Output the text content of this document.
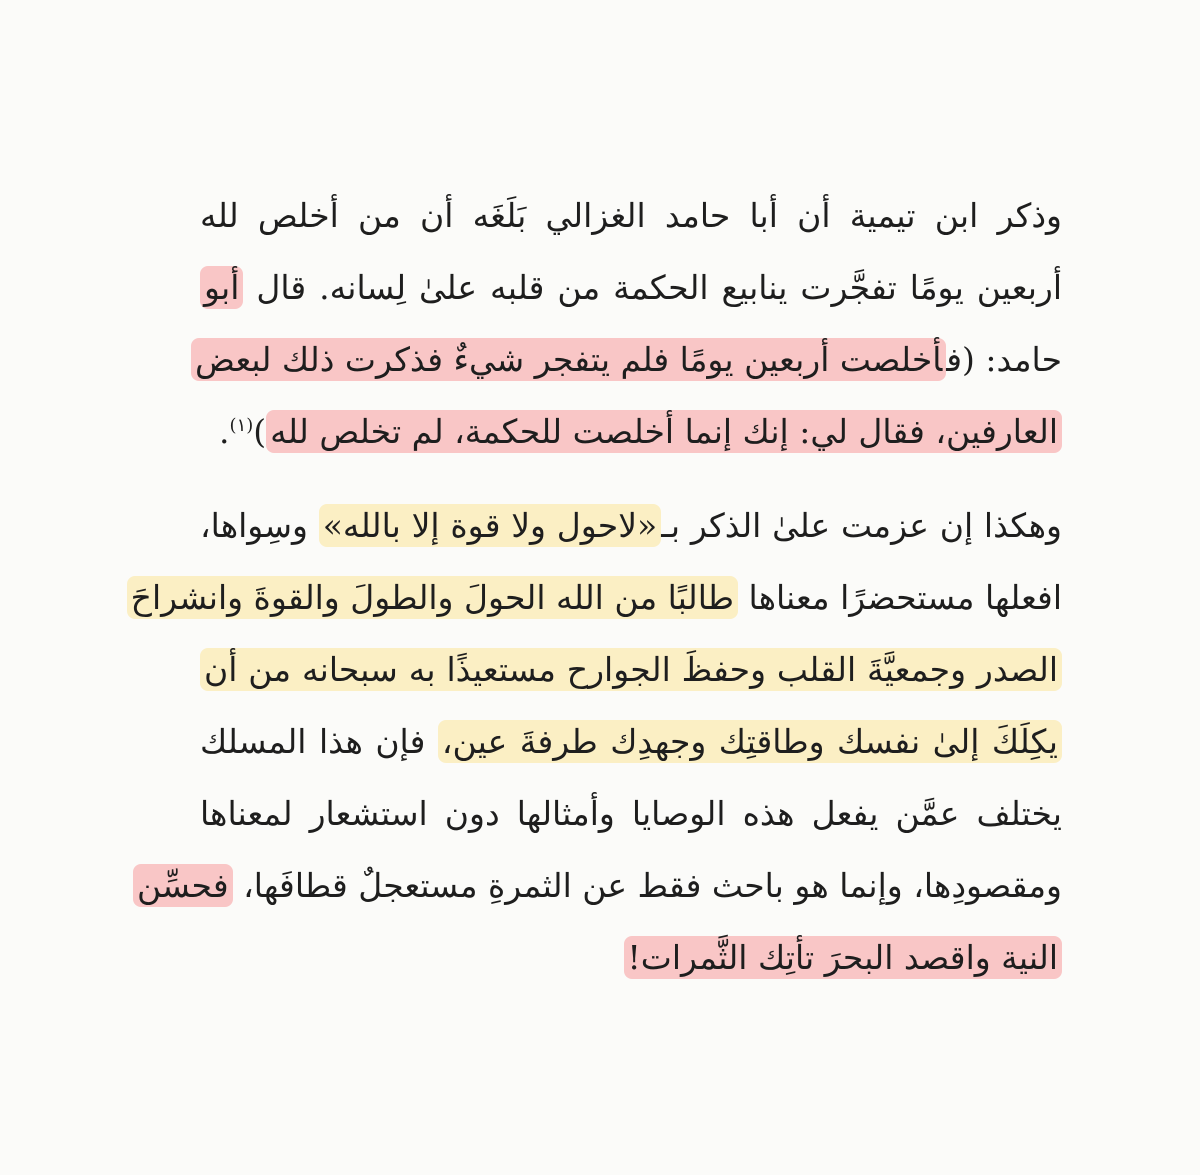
وذكر ابن تيمية أن أبا حامد الغزالي بَلَغَه أن من أخلص لله
أربعين يومًا تفجَّرت ينابيع الحكمة من قلبه علىٰ لِسانه. قال أبو
حامد: (فأخلصت أربعين يومًا فلم يتفجر شيءٌ فذكرت ذلك لبعض
العارفين، فقال لي: إنك إنما أخلصت للحكمة، لم تخلص لله)$^{(١)}$.
وهكذا إن عزمت علىٰ الذكر بـ«لاحول ولا قوة إلا بالله» وسِواها،
افعلها مستحضرًا معناها طالبًا من الله الحولَ والطولَ والقوةَ وانشراحَ
الصدر وجمعيَّةَ القلب وحفظَ الجوارح مستعيذًا به سبحانه من أن
يكِلَكَ إلىٰ نفسك وطاقتِك وجهدِك طرفةَ عين، فإن هذا المسلك
يختلف عمَّن يفعل هذه الوصايا وأمثالها دون استشعار لمعناها
ومقصودِها، وإنما هو باحث فقط عن الثمرةِ مستعجلٌ قطافَها، فحسِّن
النية واقصد البحرَ تأتِك الثَّمرات!
